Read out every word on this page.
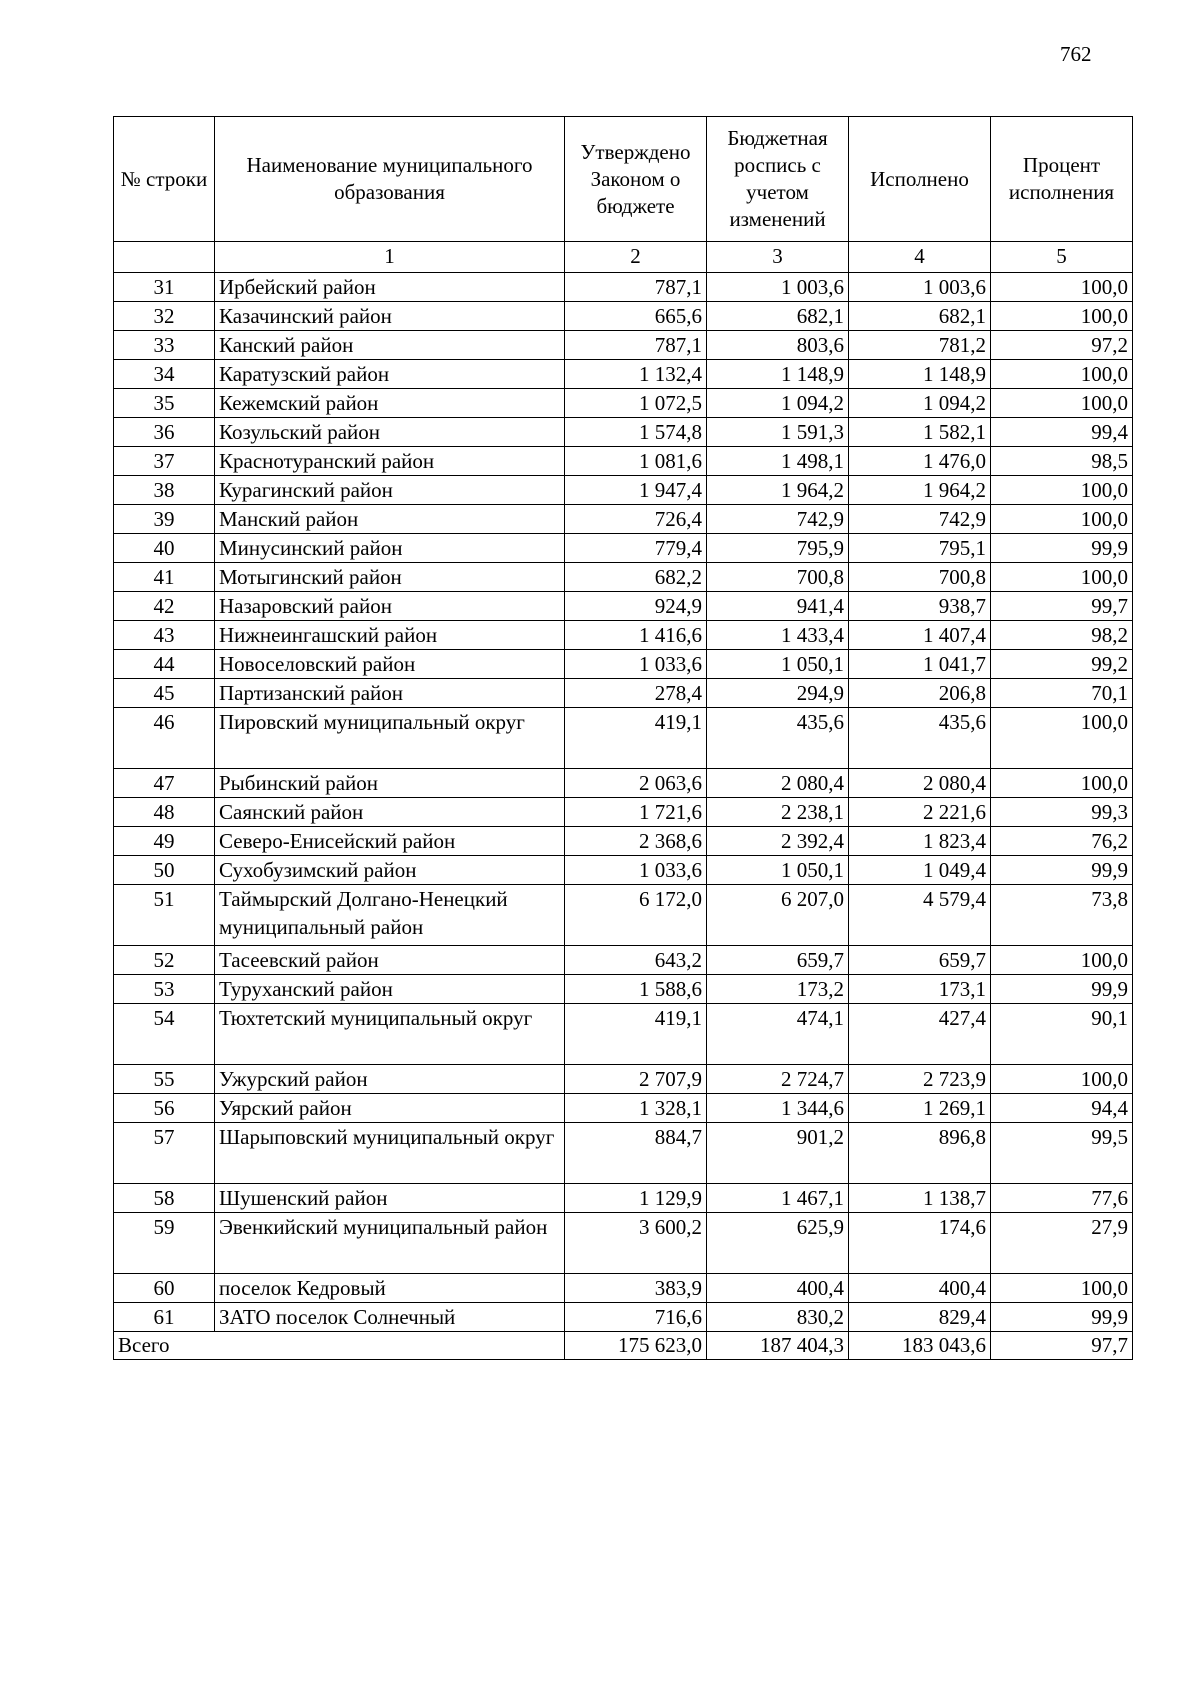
762
№ строки	Наименование муниципального образования	Утверждено Законом о бюджете	Бюджетная роспись с учетом изменений	Исполнено	Процент исполнения
	1	2	3	4	5
31	Ирбейский район	787,1	1 003,6	1 003,6	100,0
32	Казачинский район	665,6	682,1	682,1	100,0
33	Канский район	787,1	803,6	781,2	97,2
34	Каратузский район	1 132,4	1 148,9	1 148,9	100,0
35	Кежемский район	1 072,5	1 094,2	1 094,2	100,0
36	Козульский район	1 574,8	1 591,3	1 582,1	99,4
37	Краснотуранский район	1 081,6	1 498,1	1 476,0	98,5
38	Курагинский район	1 947,4	1 964,2	1 964,2	100,0
39	Манский район	726,4	742,9	742,9	100,0
40	Минусинский район	779,4	795,9	795,1	99,9
41	Мотыгинский район	682,2	700,8	700,8	100,0
42	Назаровский район	924,9	941,4	938,7	99,7
43	Нижнеингашский район	1 416,6	1 433,4	1 407,4	98,2
44	Новоселовский район	1 033,6	1 050,1	1 041,7	99,2
45	Партизанский район	278,4	294,9	206,8	70,1
46	Пировский муниципальный округ	419,1	435,6	435,6	100,0
47	Рыбинский район	2 063,6	2 080,4	2 080,4	100,0
48	Саянский район	1 721,6	2 238,1	2 221,6	99,3
49	Северо-Енисейский район	2 368,6	2 392,4	1 823,4	76,2
50	Сухобузимский район	1 033,6	1 050,1	1 049,4	99,9
51	Таймырский Долгано-Ненецкий муниципальный район	6 172,0	6 207,0	4 579,4	73,8
52	Тасеевский район	643,2	659,7	659,7	100,0
53	Туруханский район	1 588,6	173,2	173,1	99,9
54	Тюхтетский муниципальный округ	419,1	474,1	427,4	90,1
55	Ужурский район	2 707,9	2 724,7	2 723,9	100,0
56	Уярский район	1 328,1	1 344,6	1 269,1	94,4
57	Шарыповский муниципальный округ	884,7	901,2	896,8	99,5
58	Шушенский район	1 129,9	1 467,1	1 138,7	77,6
59	Эвенкийский муниципальный район	3 600,2	625,9	174,6	27,9
60	поселок Кедровый	383,9	400,4	400,4	100,0
61	ЗАТО поселок Солнечный	716,6	830,2	829,4	99,9
Всего		175 623,0	187 404,3	183 043,6	97,7
